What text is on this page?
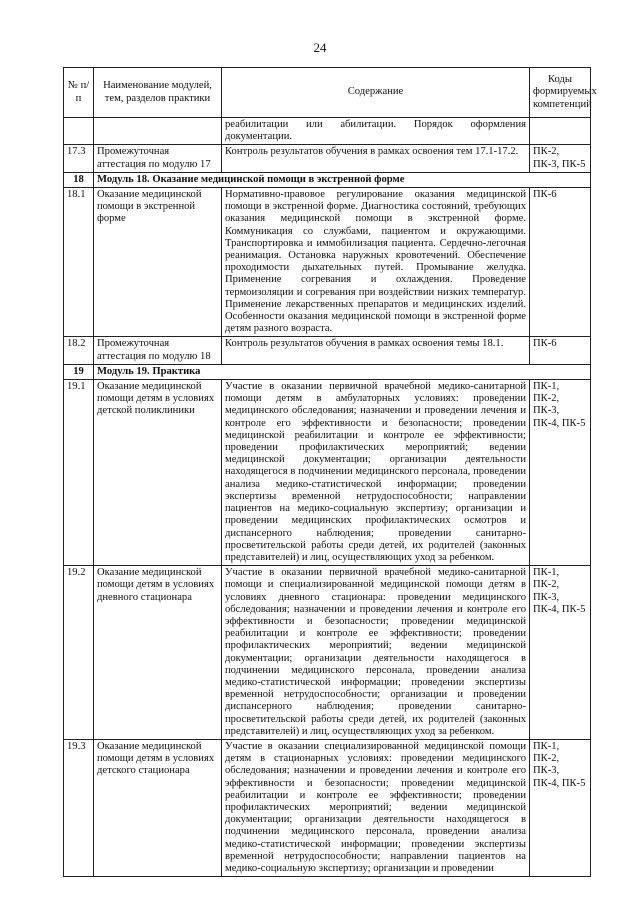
24
№ п/п	Наименование модулей, тем, разделов практики	Содержание	Коды формируемых компетенций
		реабилитации или абилитации. Порядок оформления документации.	
17.3	Промежуточная аттестация по модулю 17	Контроль результатов обучения в рамках освоения тем 17.1-17.2.	ПК-2, ПК-3, ПК-5
18	Модуль 18. Оказание медицинской помощи в экстренной форме		
18.1	Оказание медицинской помощи в экстренной форме	Нормативно-правовое регулирование оказания медицинской помощи в экстренной форме. Диагностика состояний, требующих оказания медицинской помощи в экстренной форме. Коммуникация со службами, пациентом и окружающими. Транспортировка и иммобилизация пациента. Сердечно-легочная реанимация. Остановка наружных кровотечений. Обеспечение проходимости дыхательных путей. Промывание желудка. Применение согревания и охлаждения. Проведение термоизоляции и согревания при воздействии низких температур. Применение лекарственных препаратов и медицинских изделий. Особенности оказания медицинской помощи в экстренной форме детям разного возраста.	ПК-6
18.2	Промежуточная аттестация по модулю 18	Контроль результатов обучения в рамках освоения темы 18.1.	ПК-6
19	Модуль 19. Практика		
19.1	Оказание медицинской помощи детям в условиях детской поликлиники	Участие в оказании первичной врачебной медико-санитарной помощи детям в амбулаторных условиях: проведении медицинского обследования; назначении и проведении лечения и контроле его эффективности и безопасности; проведении медицинской реабилитации и контроле ее эффективности; проведении профилактических мероприятий; ведении медицинской документации; организации деятельности находящегося в подчинении медицинского персонала, проведении анализа медико-статистической информации; проведении экспертизы временной нетрудоспособности; направлении пациентов на медико-социальную экспертизу; организации и проведении медицинских профилактических осмотров и диспансерного наблюдения; проведении санитарно-просветительской работы среди детей, их родителей (законных представителей) и лиц, осуществляющих уход за ребенком.	ПК-1, ПК-2, ПК-3, ПК-4, ПК-5
19.2	Оказание медицинской помощи детям в условиях дневного стационара	Участие в оказании первичной врачебной медико-санитарной помощи и специализированной медицинской помощи детям в условиях дневного стационара: проведении медицинского обследования; назначении и проведении лечения и контроле его эффективности и безопасности; проведении медицинской реабилитации и контроле ее эффективности; проведении профилактических мероприятий; ведении медицинской документации; организации деятельности находящегося в подчинении медицинского персонала, проведении анализа медико-статистической информации; проведении экспертизы временной нетрудоспособности; организации и проведении диспансерного наблюдения; проведении санитарно-просветительской работы среди детей, их родителей (законных представителей) и лиц, осуществляющих уход за ребенком.	ПК-1, ПК-2, ПК-3, ПК-4, ПК-5
19.3	Оказание медицинской помощи детям в условиях детского стационара	Участие в оказании специализированной медицинской помощи детям в стационарных условиях: проведении медицинского обследования; назначении и проведении лечения и контроле его эффективности и безопасности; проведении медицинской реабилитации и контроле ее эффективности; проведении профилактических мероприятий; ведении медицинской документации; организации деятельности находящегося в подчинении медицинского персонала, проведении анализа медико-статистической информации; проведении экспертизы временной нетрудоспособности; направлении пациентов на медико-социальную экспертизу; организации и проведении	ПК-1, ПК-2, ПК-3, ПК-4, ПК-5
